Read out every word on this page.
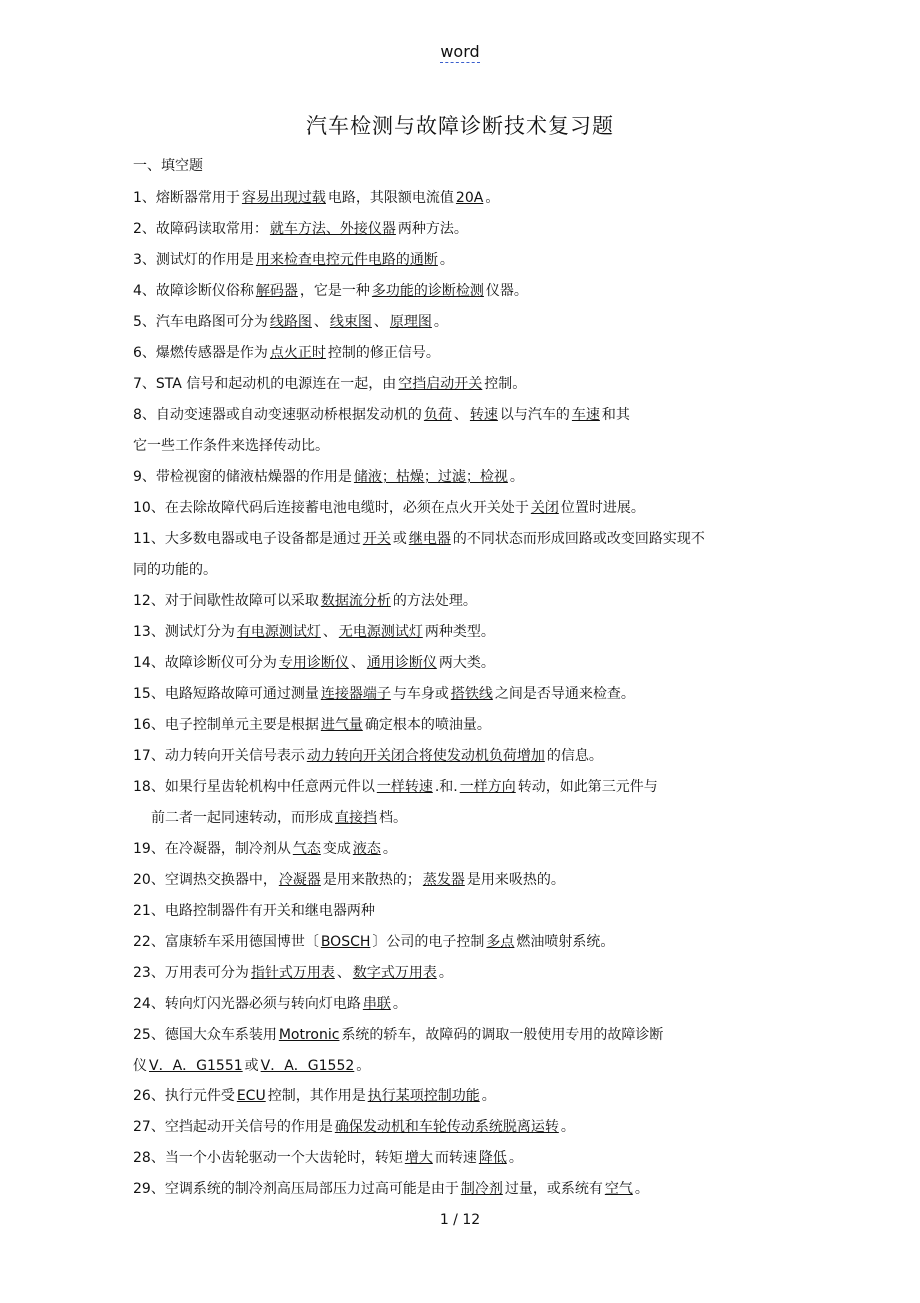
word
汽车检测与故障诊断技术复习题
一、填空题
1、熔断器常用于 容易出现过载 电路，其限额电流值 20A 。
2、故障码读取常用： 就车方法、外接仪器 两种方法。
3、测试灯的作用是 用来检查电控元件电路的通断 。
4、故障诊断仪俗称 解码器 ，它是一种 多功能的诊断检测 仪器。
5、汽车电路图可分为 线路图 、 线束图 、 原理图 。
6、爆燃传感器是作为 点火正时 控制的修正信号。
7、STA 信号和起动机的电源连在一起，由 空挡启动开关 控制。
8、自动变速器或自动变速驱动桥根据发动机的 负荷 、 转速 以与汽车的 车速 和其
它一些工作条件来选择传动比。
9、带检视窗的储液枯燥器的作用是 储液；枯燥；过滤；检视 。
10、在去除故障代码后连接蓄电池电缆时，必须在点火开关处于 关闭 位置时进展。
11、大多数电器或电子设备都是通过 开关 或 继电器 的不同状态而形成回路或改变回路实现不
同的功能的。
12、对于间歇性故障可以采取 数据流分析 的方法处理。
13、测试灯分为 有电源测试灯 、 无电源测试灯 两种类型。
14、故障诊断仪可分为 专用诊断仪 、 通用诊断仪 两大类。
15、电路短路故障可通过测量 连接器端子 与车身或 搭铁线 之间是否导通来检查。
16、电子控制单元主要是根据 进气量 确定根本的喷油量。
17、动力转向开关信号表示 动力转向开关闭合将使发动机负荷增加 的信息。
18、如果行星齿轮机构中任意两元件以 一样转速 .和. 一样方向 转动，如此第三元件与
前二者一起同速转动，而形成 直接挡 档。
19、在冷凝器，制冷剂从 气态 变成 液态 。
20、空调热交换器中， 冷凝器 是用来散热的； 蒸发器 是用来吸热的。
21、电路控制器件有开关和继电器两种
22、富康轿车采用德国博世〔 BOSCH 〕公司的电子控制 多点 燃油喷射系统。
23、万用表可分为 指针式万用表 、 数字式万用表 。
24、转向灯闪光器必须与转向灯电路 串联 。
25、德国大众车系装用 Motronic 系统的轿车，故障码的调取一般使用专用的故障诊断
仪 V．A．G1551 或 V．A．G1552 。
26、执行元件受 ECU 控制，其作用是 执行某项控制功能 。
27、空挡起动开关信号的作用是 确保发动机和车轮传动系统脱离运转 。
28、当一个小齿轮驱动一个大齿轮时，转矩 增大 而转速 降低 。
29、空调系统的制冷剂高压局部压力过高可能是由于 制冷剂 过量，或系统有 空气 。
1 / 12
